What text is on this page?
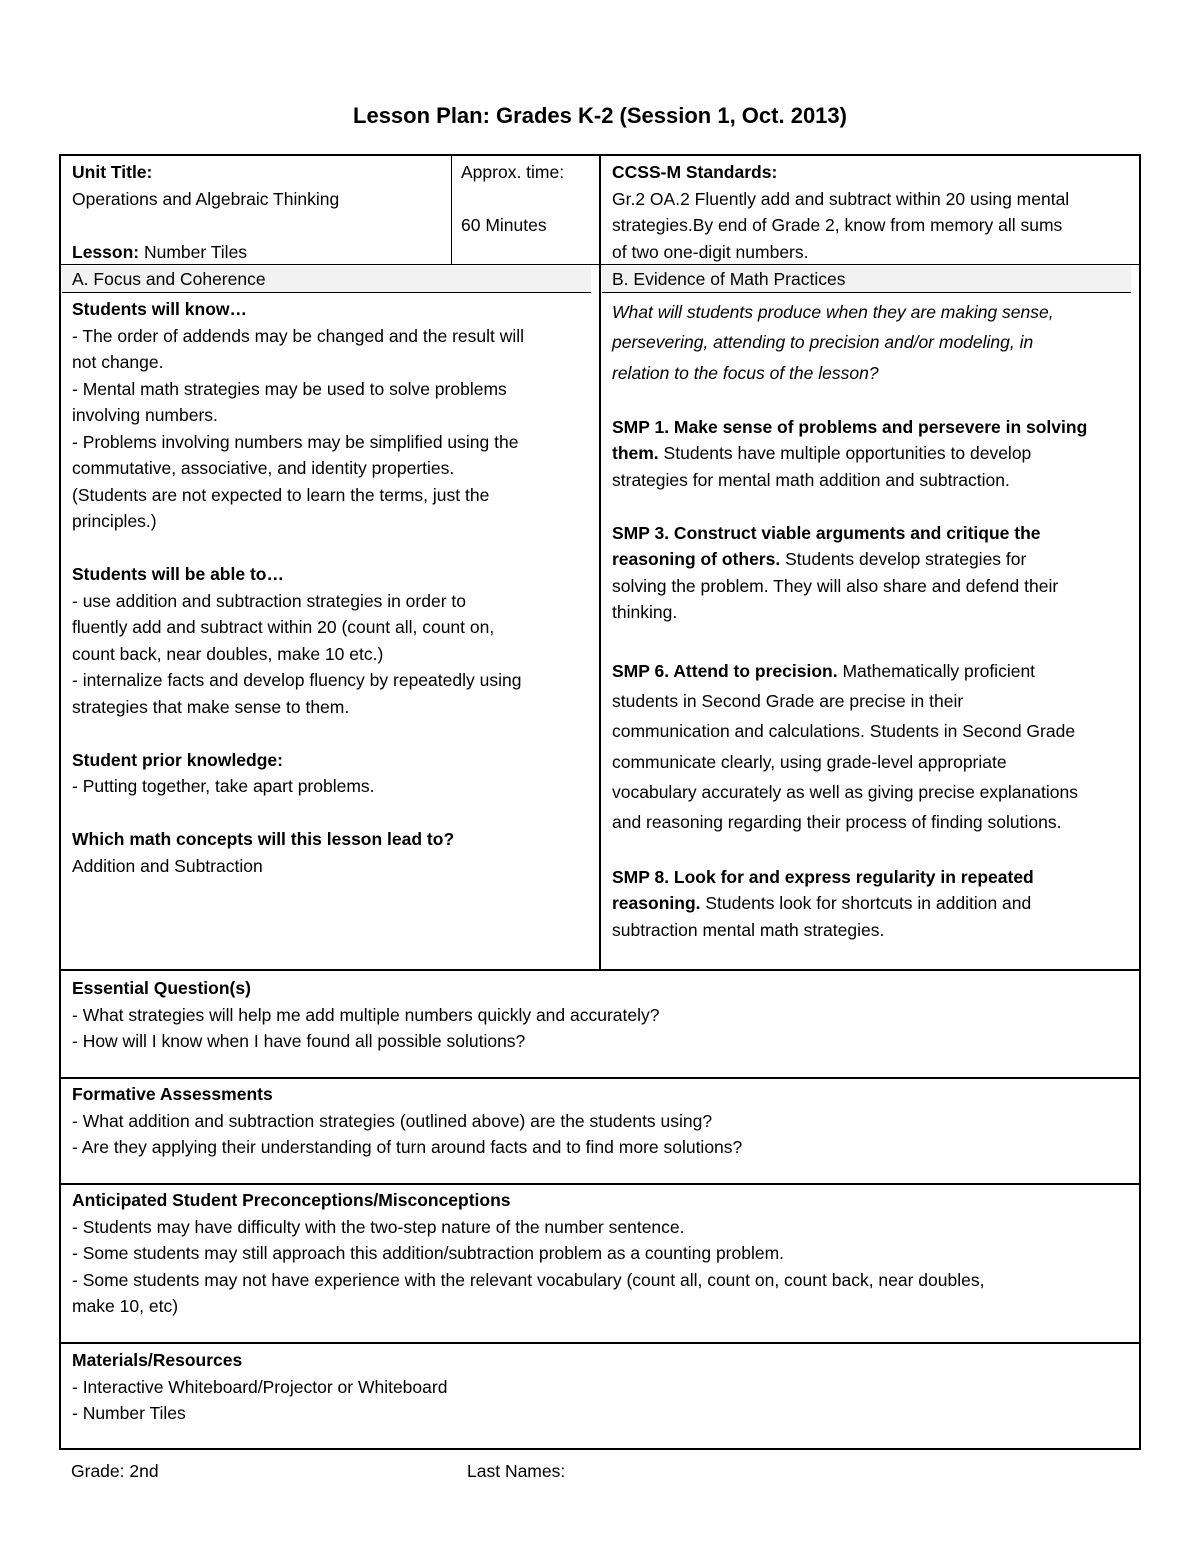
Lesson Plan: Grades K-2 (Session 1, Oct. 2013)

Unit Title:

Operations and Algebraic Thinking

Lesson: Number Tiles

Approx. time:

60 Minutes

CCSS-M Standards:

Gr.2 OA.2 Fluently add and subtract within 20 using mental

strategies.By end of Grade 2, know from memory all sums

of two one-digit numbers.

A. Focus and Coherence

Students will know…

- The order of addends may be changed and the result will

not change.

- Mental math strategies may be used to solve problems

involving numbers.

- Problems involving numbers may be simplified using the

commutative, associative, and identity properties.

(Students are not expected to learn the terms, just the

principles.)

Students will be able to…

- use addition and subtraction strategies in order to

fluently add and subtract within 20 (count all, count on,

count back, near doubles, make 10 etc.)

- internalize facts and develop fluency by repeatedly using

strategies that make sense to them.

Student prior knowledge:

- Putting together, take apart problems.

Which math concepts will this lesson lead to?

Addition and Subtraction

B. Evidence of Math Practices

What will students produce when they are making sense,

persevering, attending to precision and/or modeling, in

relation to the focus of the lesson?

SMP 1. Make sense of problems and persevere in solving

them. Students have multiple opportunities to develop

strategies for mental math addition and subtraction.

SMP 3. Construct viable arguments and critique the

reasoning of others. Students develop strategies for

solving the problem. They will also share and defend their

thinking.

SMP 6. Attend to precision. Mathematically proficient

students in Second Grade are precise in their

communication and calculations. Students in Second Grade

communicate clearly, using grade-level appropriate

vocabulary accurately as well as giving precise explanations

and reasoning regarding their process of finding solutions.

SMP 8. Look for and express regularity in repeated

reasoning. Students look for shortcuts in addition and

subtraction mental math strategies.

Essential Question(s)

- What strategies will help me add multiple numbers quickly and accurately?

- How will I know when I have found all possible solutions?

Formative Assessments

- What addition and subtraction strategies (outlined above) are the students using?

- Are they applying their understanding of turn around facts and to find more solutions?

Anticipated Student Preconceptions/Misconceptions

- Students may have difficulty with the two-step nature of the number sentence.

- Some students may still approach this addition/subtraction problem as a counting problem.

- Some students may not have experience with the relevant vocabulary (count all, count on, count back, near doubles,

make 10, etc)

Materials/Resources

- Interactive Whiteboard/Projector or Whiteboard

- Number Tiles

Grade: 2nd	Last Names:
